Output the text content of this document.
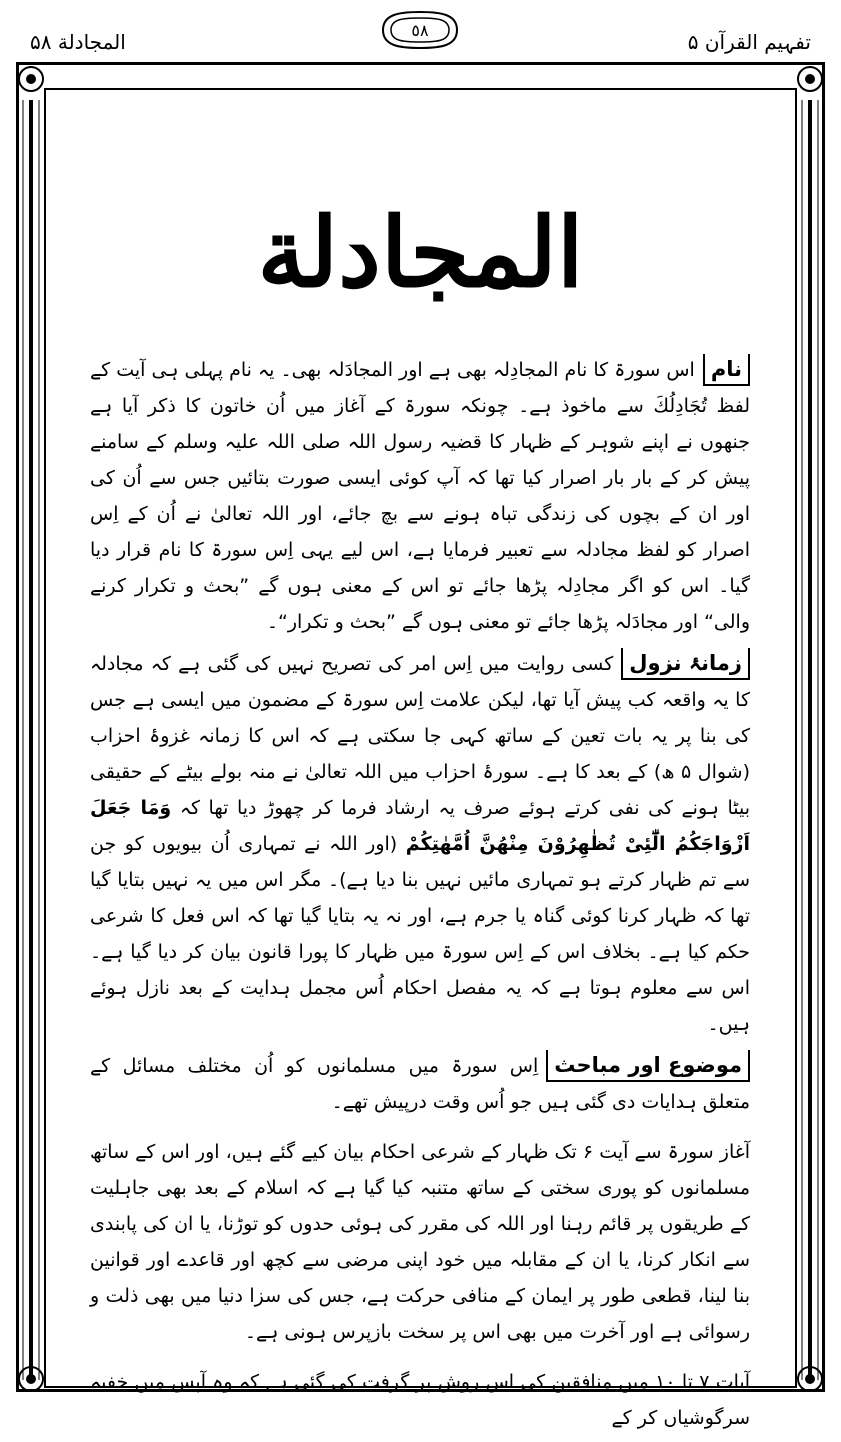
تفہیم القرآن ۵
٥٨
المجادلة ۵۸
المجادلة
ناماس سورۃ کا نام المجادِلہ بھی ہے اور المجادَلہ بھی۔ یہ نام پہلی ہی آیت کے لفظ تُجَادِلُكَ سے ماخوذ ہے۔ چونکہ سورۃ کے آغاز میں اُن خاتون کا ذکر آیا ہے جنھوں نے اپنے شوہر کے ظہار کا قضیہ رسول اللہ صلی اللہ علیہ وسلم کے سامنے پیش کر کے بار بار اصرار کیا تھا کہ آپ کوئی ایسی صورت بتائیں جس سے اُن کی اور ان کے بچوں کی زندگی تباہ ہونے سے بچ جائے، اور اللہ تعالیٰ نے اُن کے اِس اصرار کو لفظ مجادلہ سے تعبیر فرمایا ہے، اس لیے یہی اِس سورۃ کا نام قرار دیا گیا۔ اس کو اگر مجادِلہ پڑھا جائے تو اس کے معنی ہوں گے ”بحث و تکرار کرنے والی“ اور مجادَلہ پڑھا جائے تو معنی ہوں گے ”بحث و تکرار“۔
زمانۂ نزولکسی روایت میں اِس امر کی تصریح نہیں کی گئی ہے کہ مجادلہ کا یہ واقعہ کب پیش آیا تھا، لیکن علامت اِس سورۃ کے مضمون میں ایسی ہے جس کی بنا پر یہ بات تعین کے ساتھ کہی جا سکتی ہے کہ اس کا زمانہ غزوۂ احزاب (شوال ۵ ھ) کے بعد کا ہے۔ سورۂ احزاب میں اللہ تعالیٰ نے منہ بولے بیٹے کے حقیقی بیٹا ہونے کی نفی کرتے ہوئے صرف یہ ارشاد فرما کر چھوڑ دیا تھا کہ وَمَا جَعَلَ اَزْوَاجَكُمُ الّٰٓئِىْ تُظٰهِرُوْنَ مِنْهُنَّ اُمَّهٰتِكُمْ (اور اللہ نے تمہاری اُن بیویوں کو جن سے تم ظہار کرتے ہو تمہاری مائیں نہیں بنا دیا ہے)۔ مگر اس میں یہ نہیں بتایا گیا تھا کہ ظہار کرنا کوئی گناہ یا جرم ہے، اور نہ یہ بتایا گیا تھا کہ اس فعل کا شرعی حکم کیا ہے۔ بخلاف اس کے اِس سورۃ میں ظہار کا پورا قانون بیان کر دیا گیا ہے۔ اس سے معلوم ہوتا ہے کہ یہ مفصل احکام اُس مجمل ہدایت کے بعد نازل ہوئے ہیں۔
موضوع اور مباحثاِس سورۃ میں مسلمانوں کو اُن مختلف مسائل کے متعلق ہدایات دی گئی ہیں جو اُس وقت درپیش تھے۔
آغاز سورۃ سے آیت ۶ تک ظہار کے شرعی احکام بیان کیے گئے ہیں، اور اس کے ساتھ مسلمانوں کو پوری سختی کے ساتھ متنبہ کیا گیا ہے کہ اسلام کے بعد بھی جاہلیت کے طریقوں پر قائم رہنا اور اللہ کی مقرر کی ہوئی حدوں کو توڑنا، یا ان کی پابندی سے انکار کرنا، یا ان کے مقابلہ میں خود اپنی مرضی سے کچھ اور قاعدے اور قوانین بنا لینا، قطعی طور پر ایمان کے منافی حرکت ہے، جس کی سزا دنیا میں بھی ذلت و رسوائی ہے اور آخرت میں بھی اس پر سخت بازپرس ہونی ہے۔
آیات ۷ تا ۱۰ میں منافقین کی اِس روش پر گرفت کی گئی ہے کہ وہ آپس میں خفیہ سرگوشیاں کر کے
